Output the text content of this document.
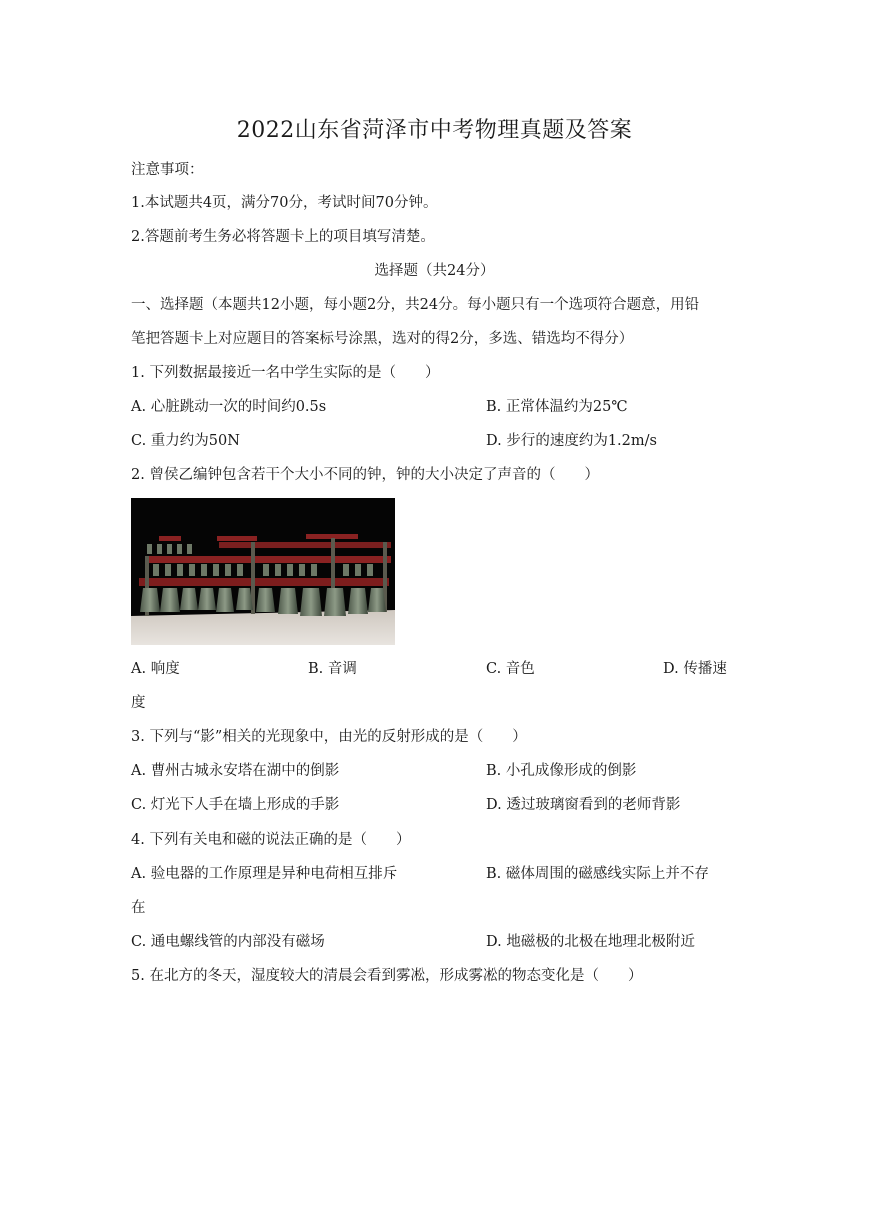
2022山东省菏泽市中考物理真题及答案
注意事项：
1.本试题共4页，满分70分，考试时间70分钟。
2.答题前考生务必将答题卡上的项目填写清楚。
选择题（共24分）
一、选择题（本题共12小题，每小题2分，共24分。每小题只有一个选项符合题意，用铅
笔把答题卡上对应题目的答案标号涂黑，选对的得2分，多选、错选均不得分）
1. 下列数据最接近一名中学生实际的是（　　）
A. 心脏跳动一次的时间约0.5s	B. 正常体温约为25℃
C. 重力约为50N	D. 步行的速度约为1.2m/s
2. 曾侯乙编钟包含若干个大小不同的钟，钟的大小决定了声音的（　　）
A. 响度	B. 音调	C. 音色	D. 传播速
度
3. 下列与“影”相关的光现象中，由光的反射形成的是（　　）
A. 曹州古城永安塔在湖中的倒影	B. 小孔成像形成的倒影
C. 灯光下人手在墙上形成的手影	D. 透过玻璃窗看到的老师背影
4. 下列有关电和磁的说法正确的是（　　）
A. 验电器的工作原理是异种电荷相互排斥	B. 磁体周围的磁感线实际上并不存
在
C. 通电螺线管的内部没有磁场	D. 地磁极的北极在地理北极附近
5. 在北方的冬天，湿度较大的清晨会看到雾凇，形成雾凇的物态变化是（　　）
